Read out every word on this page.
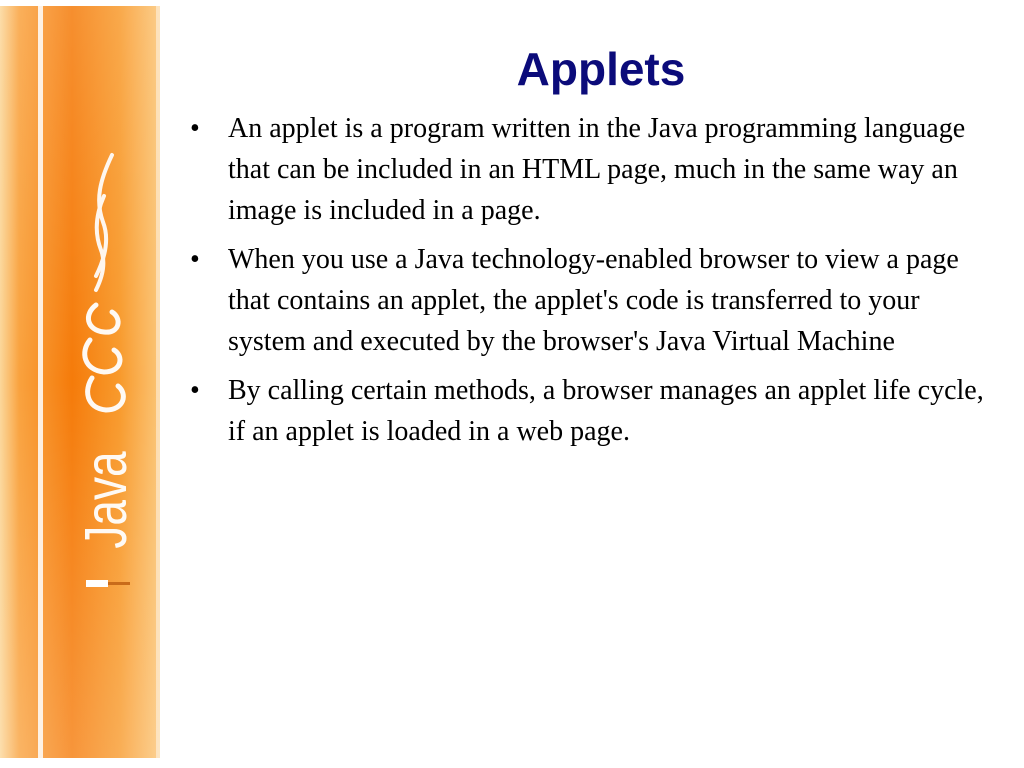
Java
Applets
• An applet is a program written in the Java programming language that can be included in an HTML page, much in the same way an image is included in a page.
• When you use a Java technology-enabled browser to view a page that contains an applet, the applet's code is transferred to your system and executed by the browser's Java Virtual Machine
• By calling certain methods, a browser manages an applet life cycle, if an applet is loaded in a web page.
